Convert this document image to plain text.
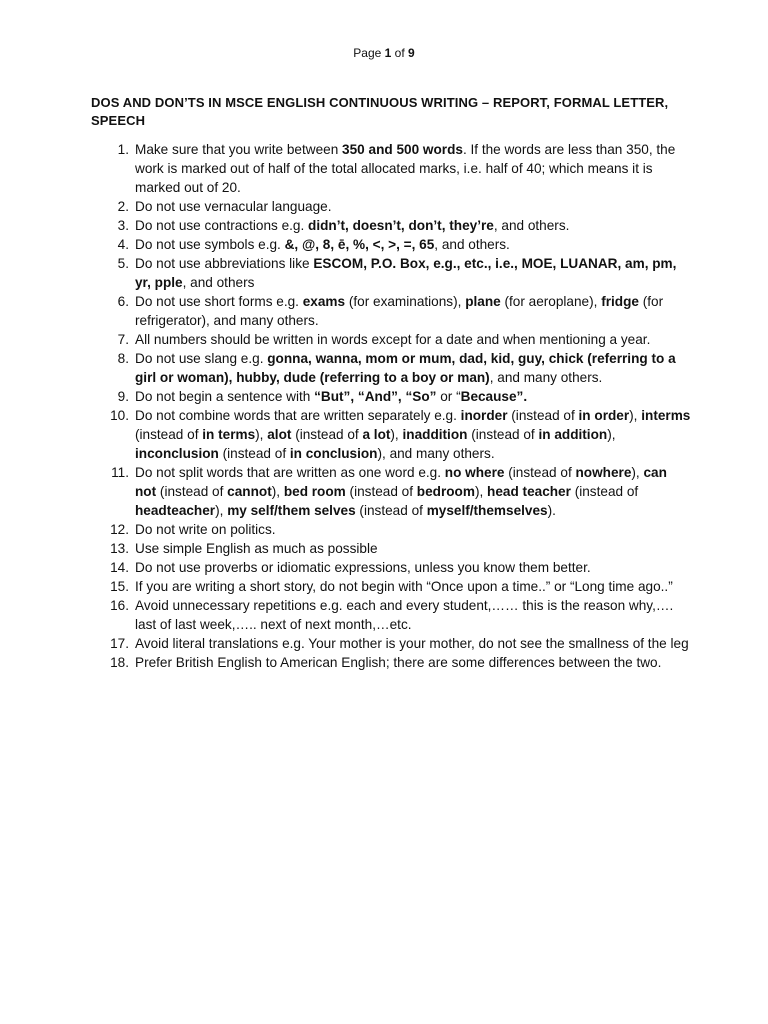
Page 1 of 9
DOS AND DON’TS IN MSCE ENGLISH CONTINUOUS WRITING – REPORT, FORMAL LETTER, SPEECH
1. Make sure that you write between 350 and 500 words. If the words are less than 350, the work is marked out of half of the total allocated marks, i.e. half of 40; which means it is marked out of 20.
2. Do not use vernacular language.
3. Do not use contractions e.g. didn’t, doesn’t, don’t, they’re, and others.
4. Do not use symbols e.g. &, @, 8, ē, %, <, >, =, 65, and others.
5. Do not use abbreviations like ESCOM, P.O. Box, e.g., etc., i.e., MOE, LUANAR, am, pm, yr, pple, and others
6. Do not use short forms e.g. exams (for examinations), plane (for aeroplane), fridge (for refrigerator), and many others.
7. All numbers should be written in words except for a date and when mentioning a year.
8. Do not use slang e.g. gonna, wanna, mom or mum, dad, kid, guy, chick (referring to a girl or woman), hubby, dude (referring to a boy or man), and many others.
9. Do not begin a sentence with “But”, “And”, “So” or “Because”.
10. Do not combine words that are written separately e.g. inorder (instead of in order), interms (instead of in terms), alot (instead of a lot), inaddition (instead of in addition), inconclusion (instead of in conclusion), and many others.
11. Do not split words that are written as one word e.g. no where (instead of nowhere), can not (instead of cannot), bed room (instead of bedroom), head teacher (instead of headteacher), my self/them selves (instead of myself/themselves).
12. Do not write on politics.
13. Use simple English as much as possible
14. Do not use proverbs or idiomatic expressions, unless you know them better.
15. If you are writing a short story, do not begin with “Once upon a time..” or “Long time ago..”
16. Avoid unnecessary repetitions e.g. each and every student,…… this is the reason why,…. last of last week,….. next of next month,…etc.
17. Avoid literal translations e.g. Your mother is your mother, do not see the smallness of the leg
18. Prefer British English to American English; there are some differences between the two.
